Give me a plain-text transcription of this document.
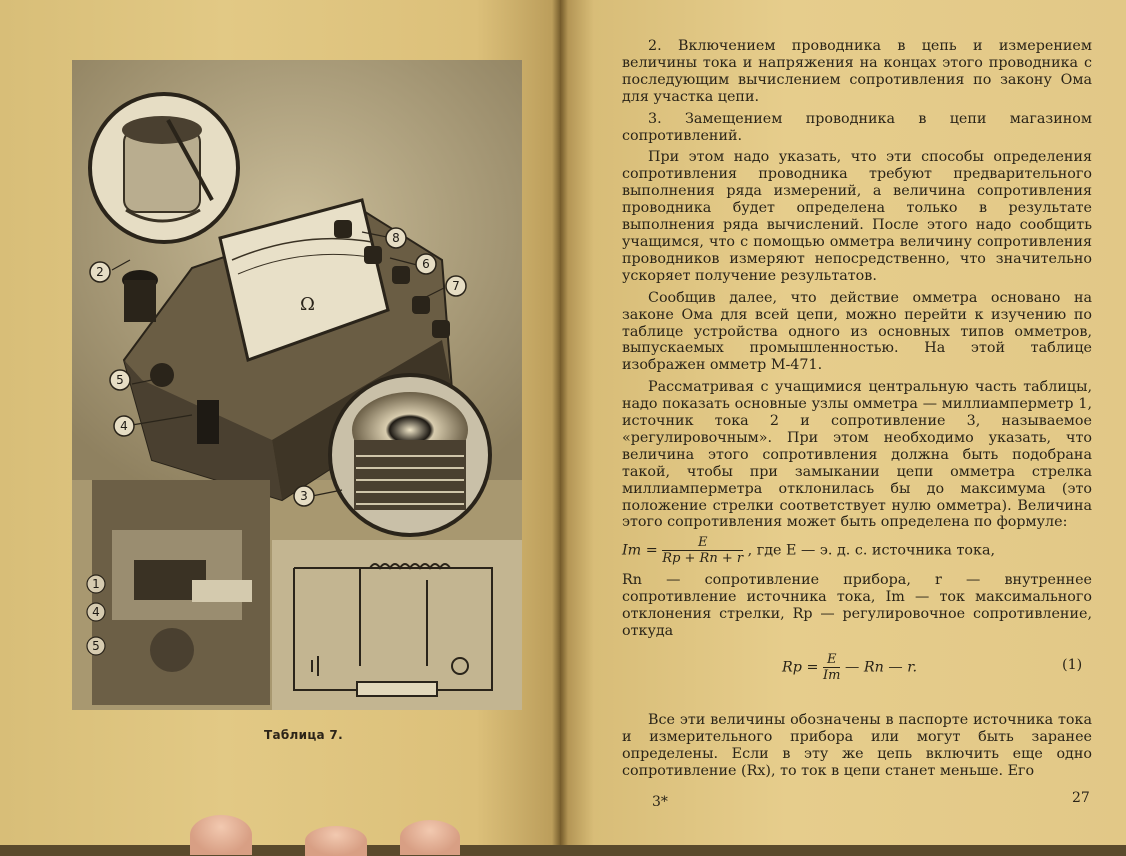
Ω
2
5
4
3
8
6
7
1
4
5
Таблица 7.

2. Включением проводника в цепь и измерением величины тока и напряжения на концах этого проводника с последующим вычислением сопротивления по закону Ома для участка цепи.

3. Замещением проводника в цепи магазином сопротивлений.

При этом надо указать, что эти способы определения сопротивления проводника требуют предварительного выполнения ряда измерений, а величина сопротивления проводника будет определена только в результате выполнения ряда вычислений. После этого надо сообщить учащимся, что с помощью омметра величину сопротивления проводников измеряют непосредственно, что значительно ускоряет получение результатов.

Сообщив далее, что действие омметра основано на законе Ома для всей цепи, можно перейти к изучению по таблице устройства одного из основных типов омметров, выпускаемых промышленностью. На этой таблице изображен омметр М-471.

Рассматривая с учащимися центральную часть таблицы, надо показать основные узлы омметра — миллиамперметр 1, источник тока 2 и сопротивление 3, называемое «регулировочным». При этом необходимо указать, что величина этого сопротивления должна быть подобрана такой, чтобы при замыкании цепи омметра стрелка миллиамперметра отклонилась бы до максимума (это положение стрелки соответствует нулю омметра). Величина этого сопротивления может быть определена по формуле:

$Im = \frac{E}{Rp + Rn + r}$ , где E — э. д. с. источника тока,

Rn — сопротивление прибора, r — внутреннее сопротивление источника тока, Im — ток максимального отклонения стрелки, Rp — регулировочное сопротивление, откуда

$Rp = \frac{E}{Im}$ — Rn — r.	(1)

Все эти величины обозначены в паспорте источника тока и измерительного прибора или могут быть заранее определены. Если в эту же цепь включить еще одно сопротивление (Rx), то ток в цепи станет меньше. Его

3*	27
